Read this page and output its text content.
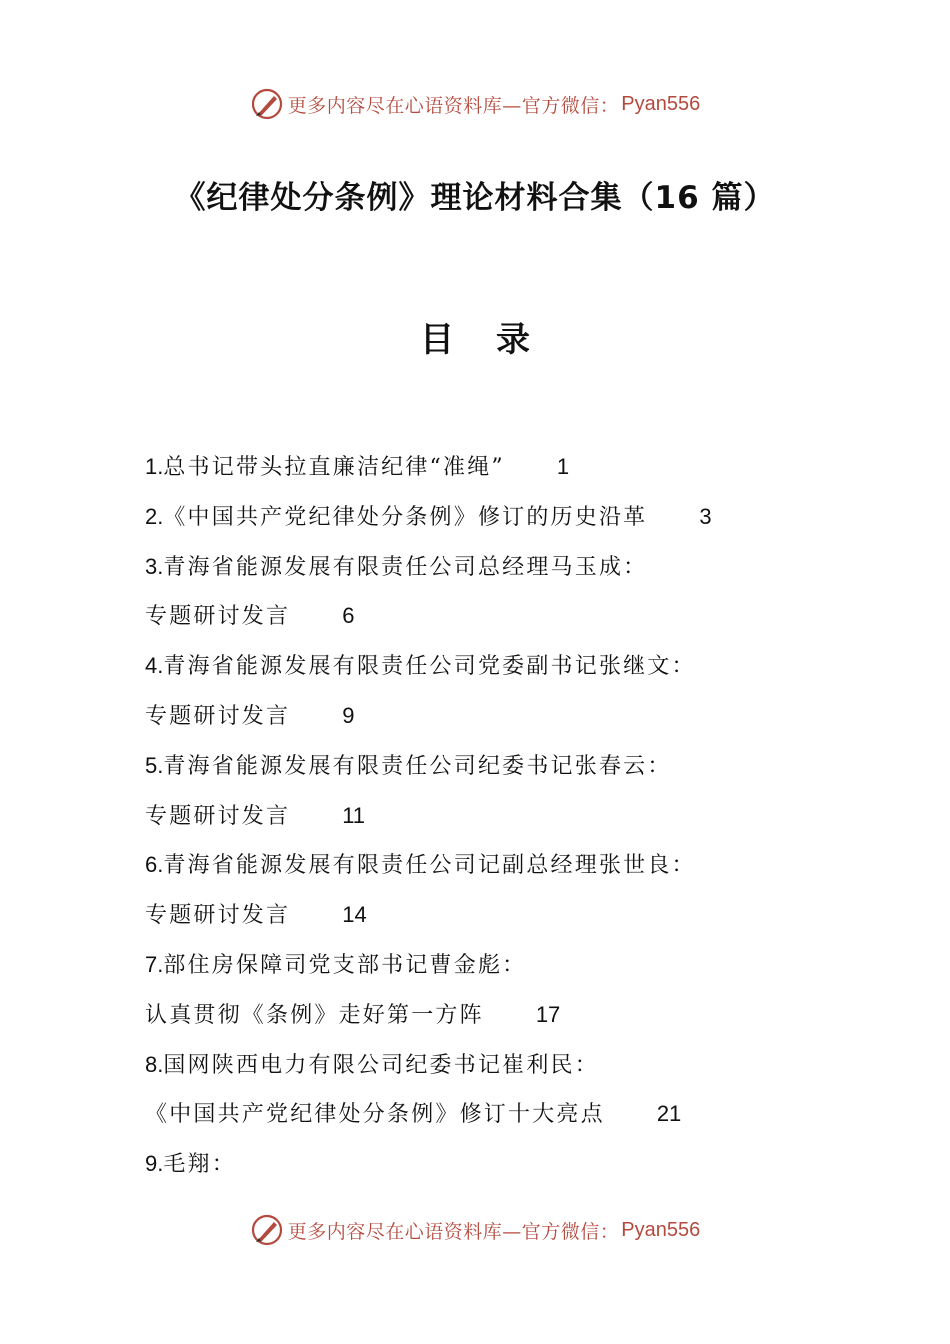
更多内容尽在心语资料库—官方微信： Pyan556
《纪律处分条例》理论材料合集（16 篇）
目 录
1.总书记带头拉直廉洁纪律“准绳” 1
2.《中国共产党纪律处分条例》修订的历史沿革 3
3.青海省能源发展有限责任公司总经理马玉成：
专题研讨发言 6
4.青海省能源发展有限责任公司党委副书记张继文：
专题研讨发言 9
5.青海省能源发展有限责任公司纪委书记张春云：
专题研讨发言 11
6.青海省能源发展有限责任公司记副总经理张世良：
专题研讨发言 14
7.部住房保障司党支部书记曹金彪：
认真贯彻《条例》走好第一方阵 17
8.国网陕西电力有限公司纪委书记崔利民：
《中国共产党纪律处分条例》修订十大亮点 21
9.毛翔：
更多内容尽在心语资料库—官方微信： Pyan556
